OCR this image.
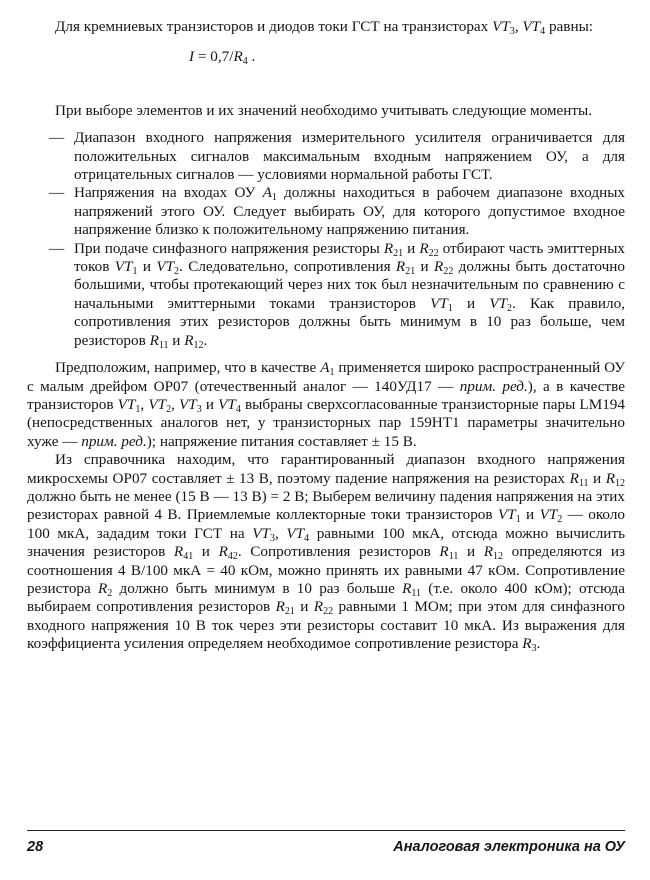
Для кремниевых транзисторов и диодов токи ГСТ на транзисторах $VT_3$, $VT_4$ равны:

$I = 0,7/R_4$ .

При выборе элементов и их значений необходимо учитывать следующие моменты.

— Диапазон входного напряжения измерительного усилителя ограничивается для положительных сигналов максимальным входным напряжением ОУ, а для отрицательных сигналов — условиями нормальной работы ГСТ.
— Напряжения на входах ОУ $A_1$ должны находиться в рабочем диапазоне входных напряжений этого ОУ. Следует выбирать ОУ, для которого допустимое входное напряжение близко к положительному напряжению питания.
— При подаче синфазного напряжения резисторы $R_{21}$ и $R_{22}$ отбирают часть эмиттерных токов $VT_1$ и $VT_2$. Следовательно, сопротивления $R_{21}$ и $R_{22}$ должны быть достаточно большими, чтобы протекающий через них ток был незначительным по сравнению с начальными эмиттерными токами транзисторов $VT_1$ и $VT_2$. Как правило, сопротивления этих резисторов должны быть минимум в 10 раз больше, чем резисторов $R_{11}$ и $R_{12}$.

Предположим, например, что в качестве $A_1$ применяется широко распространенный ОУ с малым дрейфом OP07 (отечественный аналог — 140УД17 — прим. ред.), а в качестве транзисторов $VT_1$, $VT_2$, $VT_3$ и $VT_4$ выбраны сверхсогласованные транзисторные пары LM194 (непосредственных аналогов нет, у транзисторных пар 159НТ1 параметры значительно хуже — прим. ред.); напряжение питания составляет ± 15 В.

Из справочника находим, что гарантированный диапазон входного напряжения микросхемы OP07 составляет ± 13 В, поэтому падение напряжения на резисторах $R_{11}$ и $R_{12}$ должно быть не менее (15 В — 13 В) = 2 В; Выберем величину падения напряжения на этих резисторах равной 4 В. Приемлемые коллекторные токи транзисторов $VT_1$ и $VT_2$ — около 100 мкА, зададим токи ГСТ на $VT_3$, $VT_4$ равными 100 мкА, отсюда можно вычислить значения резисторов $R_{41}$ и $R_{42}$. Сопротивления резисторов $R_{11}$ и $R_{12}$ определяются из соотношения 4 В/100 мкА = 40 кОм, можно принять их равными 47 кОм. Сопротивление резистора $R_2$ должно быть минимум в 10 раз больше $R_{11}$ (т.е. около 400 кОм); отсюда выбираем сопротивления резисторов $R_{21}$ и $R_{22}$ равными 1 МОм; при этом для синфазного входного напряжения 10 В ток через эти резисторы составит 10 мкА. Из выражения для коэффициента усиления определяем необходимое сопротивление резистора $R_3$.

28	Аналоговая электроника на ОУ
